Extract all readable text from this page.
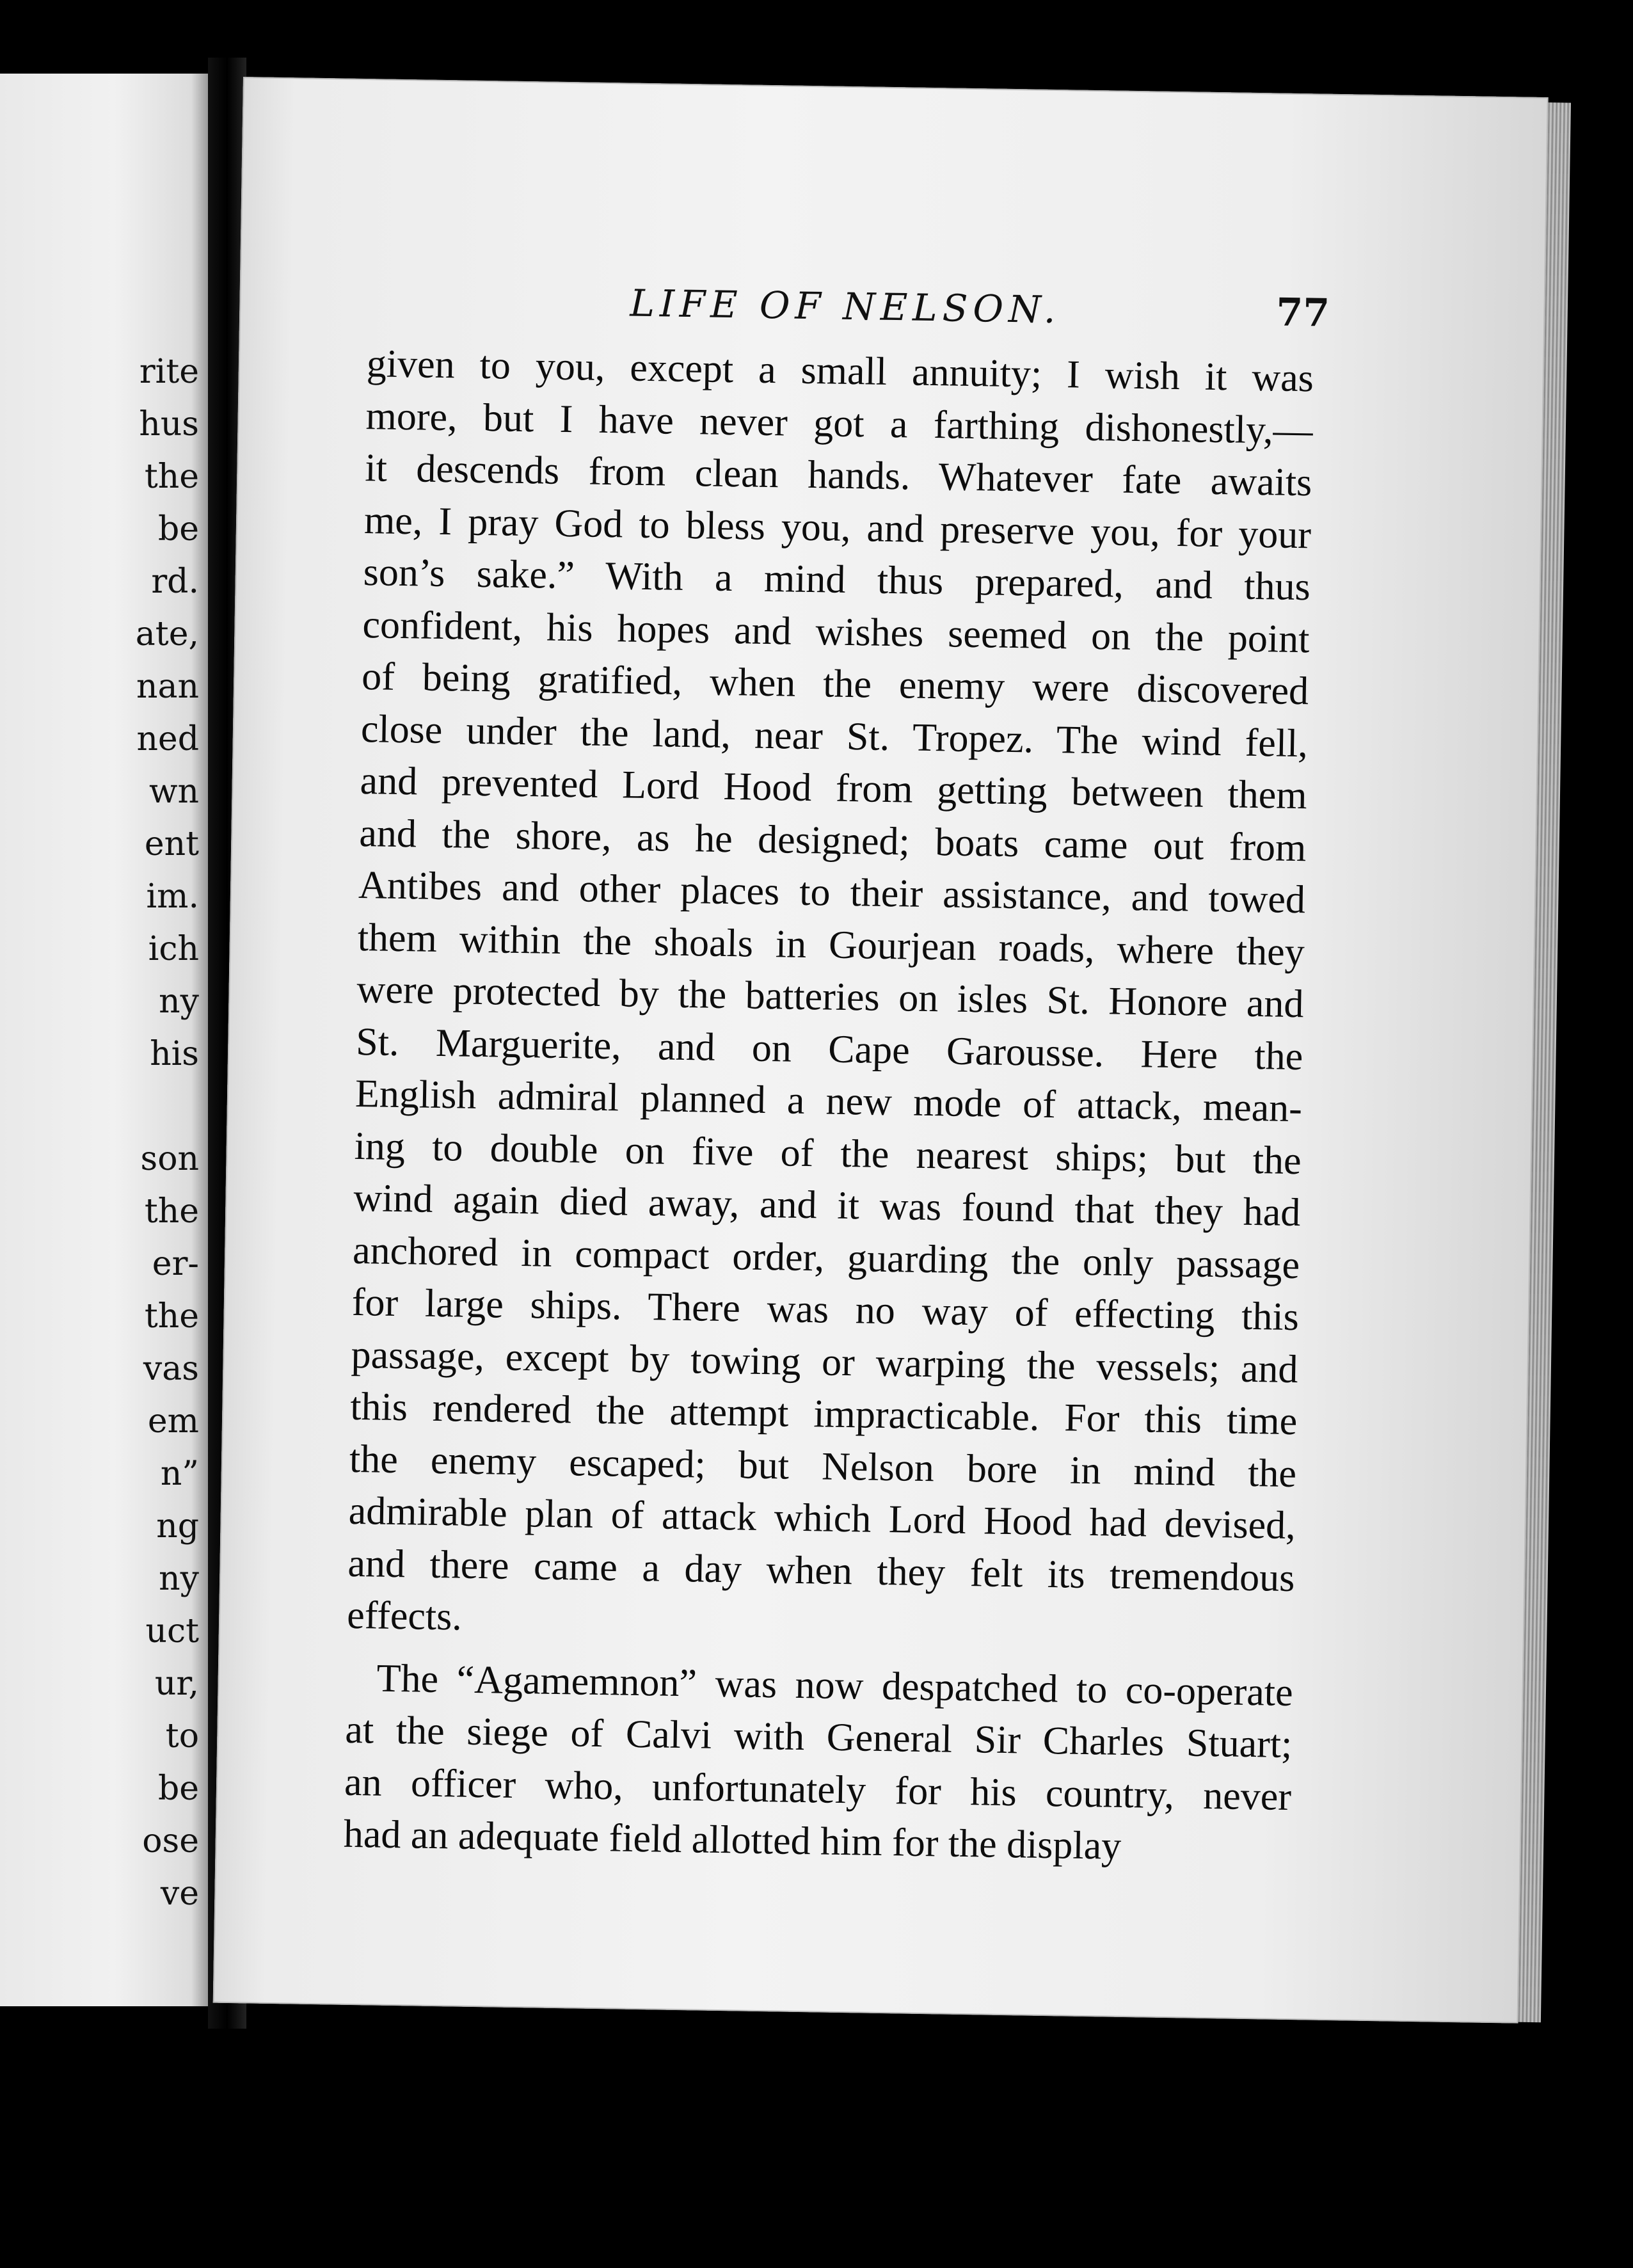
rite
hus
the
be
rd.
ate,
nan
ned
wn
ent
im.
ich
ny
his
son
the
er-
the
vas
em
n”
ng
ny
uct
ur,
to
be
ose
ve
LIFE OF NELSON.	77
given to you, except a small annuity; I wish it was
more, but I have never got a farthing dishonestly,—
it descends from clean hands. Whatever fate awaits
me, I pray God to bless you, and preserve you, for your
son’s sake.” With a mind thus prepared, and thus
confident, his hopes and wishes seemed on the point
of being gratified, when the enemy were discovered
close under the land, near St. Tropez. The wind fell,
and prevented Lord Hood from getting between them
and the shore, as he designed; boats came out from
Antibes and other places to their assistance, and towed
them within the shoals in Gourjean roads, where they
were protected by the batteries on isles St. Honore and
St. Marguerite, and on Cape Garousse. Here the
English admiral planned a new mode of attack, mean-
ing to double on five of the nearest ships; but the
wind again died away, and it was found that they had
anchored in compact order, guarding the only passage
for large ships. There was no way of effecting this
passage, except by towing or warping the vessels; and
this rendered the attempt impracticable. For this time
the enemy escaped; but Nelson bore in mind the
admirable plan of attack which Lord Hood had devised,
and there came a day when they felt its tremendous
effects.
The “Agamemnon” was now despatched to co-operate
at the siege of Calvi with General Sir Charles Stuart;
an officer who, unfortunately for his country, never
had an adequate field allotted him for the display
